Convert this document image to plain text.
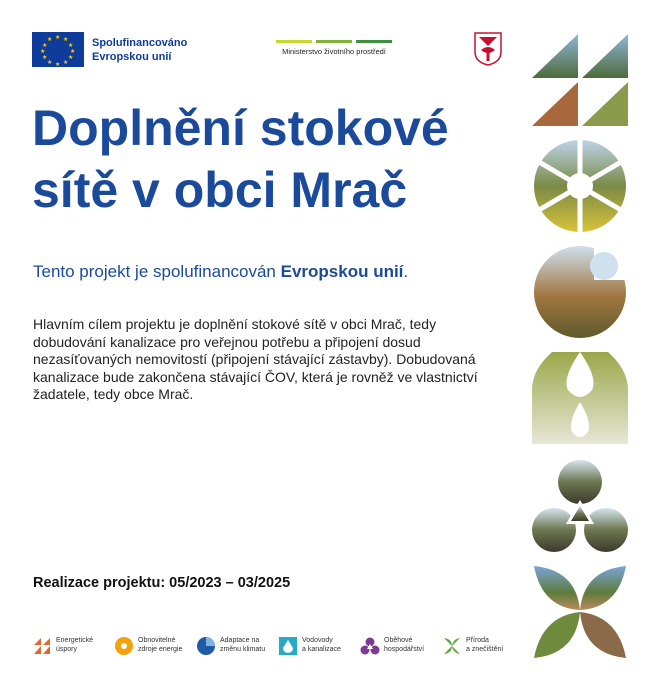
★ ★
★
★
★
★
★
★
★
★
★
★	Spolufinancováno
Evropskou unií	Ministerstvo životního prostředí
Doplnění stokové sítě v obci Mrač
Tento projekt je spolufinancován Evropskou unií.
Hlavním cílem projektu je doplnění stokové sítě v obci Mrač, tedy dobudování kanalizace pro veřejnou potřebu a připojení dosud nezasíťovaných nemovitostí (připojení stávající zástavby). Dobudovaná kanalizace bude zakončena stávající ČOV, která je rovněž ve vlastnictví žadatele, tedy obce Mrač.
Realizace projektu: 05/2023 – 03/2025
Energetické
úspory
Obnovitelné
zdroje energie
Adaptace na
změnu klimatu
Vodovody
a kanalizace
Oběhové
hospodářství
Příroda
a znečištění
